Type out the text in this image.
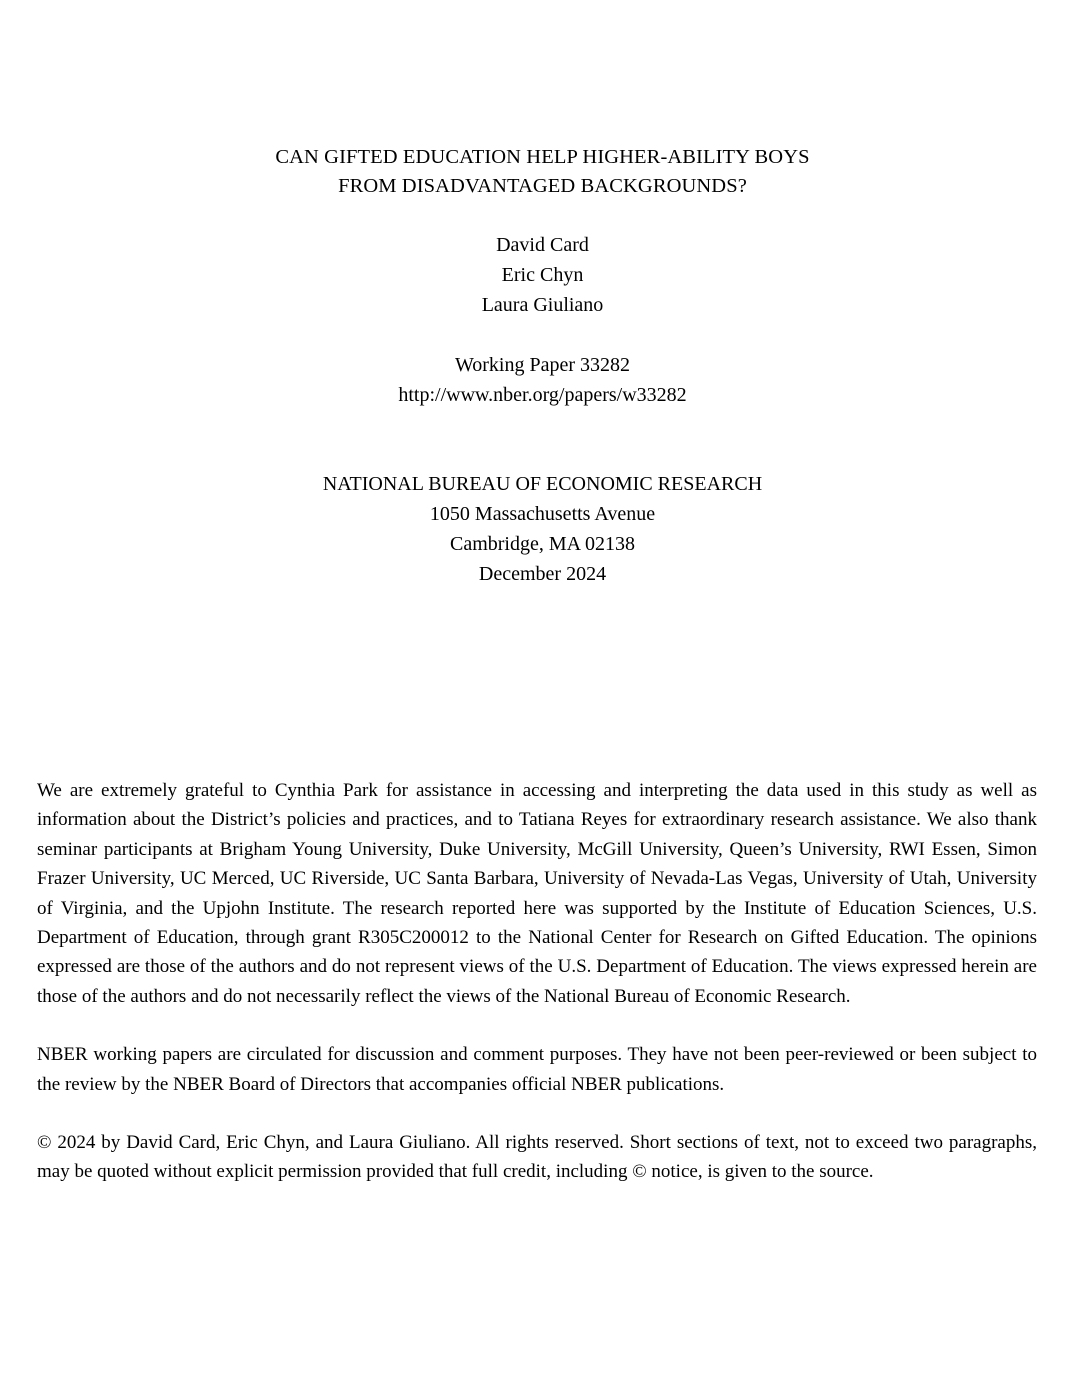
CAN GIFTED EDUCATION HELP HIGHER-ABILITY BOYS
FROM DISADVANTAGED BACKGROUNDS?
David Card
Eric Chyn
Laura Giuliano
Working Paper 33282
http://www.nber.org/papers/w33282
NATIONAL BUREAU OF ECONOMIC RESEARCH
1050 Massachusetts Avenue
Cambridge, MA 02138
December 2024

We are extremely grateful to Cynthia Park for assistance in accessing and interpreting the data used in this study as well as information about the District’s policies and practices, and to Tatiana Reyes for extraordinary research assistance. We also thank seminar participants at Brigham Young University, Duke University, McGill University, Queen’s University, RWI Essen, Simon Frazer University, UC Merced, UC Riverside, UC Santa Barbara, University of Nevada-Las Vegas, University of Utah, University of Virginia, and the Upjohn Institute. The research reported here was supported by the Institute of Education Sciences, U.S. Department of Education, through grant R305C200012 to the National Center for Research on Gifted Education. The opinions expressed are those of the authors and do not represent views of the U.S. Department of Education. The views expressed herein are those of the authors and do not necessarily reflect the views of the National Bureau of Economic Research.

NBER working papers are circulated for discussion and comment purposes. They have not been peer-reviewed or been subject to the review by the NBER Board of Directors that accompanies official NBER publications.

© 2024 by David Card, Eric Chyn, and Laura Giuliano. All rights reserved. Short sections of text, not to exceed two paragraphs, may be quoted without explicit permission provided that full credit, including © notice, is given to the source.
